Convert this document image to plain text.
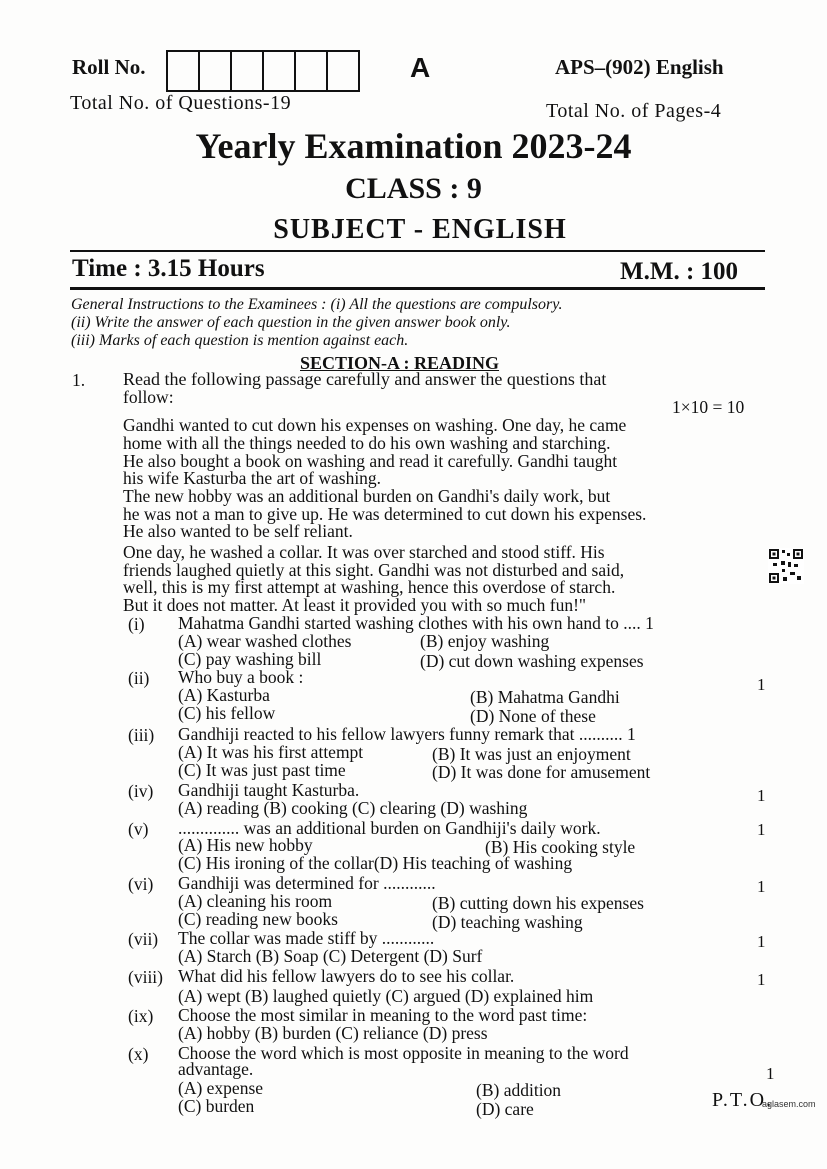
Roll No.	A	APS–(902) English
Total No. of Questions-19	Total No. of Pages-4
Yearly Examination 2023-24
CLASS : 9
SUBJECT - ENGLISH
Time : 3.15 Hours	M.M. : 100
General Instructions to the Examinees : (i) All the questions are compulsory.
(ii) Write the answer of each question in the given answer book only.
(iii) Marks of each question is mention against each.
SECTION-A : READING
1. Read the following passage carefully and answer the questions that
follow:	1×10 = 10
Gandhi wanted to cut down his expenses on washing. One day, he came
home with all the things needed to do his own washing and starching.
He also bought a book on washing and read it carefully. Gandhi taught
his wife Kasturba the art of washing.
The new hobby was an additional burden on Gandhi's daily work, but
he was not a man to give up. He was determined to cut down his expenses.
He also wanted to be self reliant.
One day, he washed a collar. It was over starched and stood stiff. His
friends laughed quietly at this sight. Gandhi was not disturbed and said,
well, this is my first attempt at washing, hence this overdose of starch.
But it does not matter. At least it provided you with so much fun!"
(i) Mahatma Gandhi started washing clothes with his own hand to .... 1
(A) wear washed clothes	(B) enjoy washing
(C) pay washing bill	(D) cut down washing expenses
(ii) Who buy a book :	1
(A) Kasturba	(B) Mahatma Gandhi
(C) his fellow	(D) None of these
(iii) Gandhiji reacted to his fellow lawyers funny remark that .......... 1
(A) It was his first attempt	(B) It was just an enjoyment
(C) It was just past time	(D) It was done for amusement
(iv) Gandhiji taught Kasturba.	1
(A) reading (B) cooking (C) clearing (D) washing
(v) .............. was an additional burden on Gandhiji's daily work.	1
(A) His new hobby	(B) His cooking style
(C) His ironing of the collar(D) His teaching of washing
(vi) Gandhiji was determined for ............	1
(A) cleaning his room	(B) cutting down his expenses
(C) reading new books	(D) teaching washing
(vii) The collar was made stiff by ............	1
(A) Starch (B) Soap (C) Detergent (D) Surf
(viii) What did his fellow lawyers do to see his collar.	1
(A) wept (B) laughed quietly (C) argued (D) explained him
(ix) Choose the most similar in meaning to the word past time:
(A) hobby (B) burden (C) reliance (D) press
(x) Choose the word which is most opposite in meaning to the word
advantage.	1
(A) expense	(B) addition
(C) burden	(D) care	P.T.O.
aglasem.com
